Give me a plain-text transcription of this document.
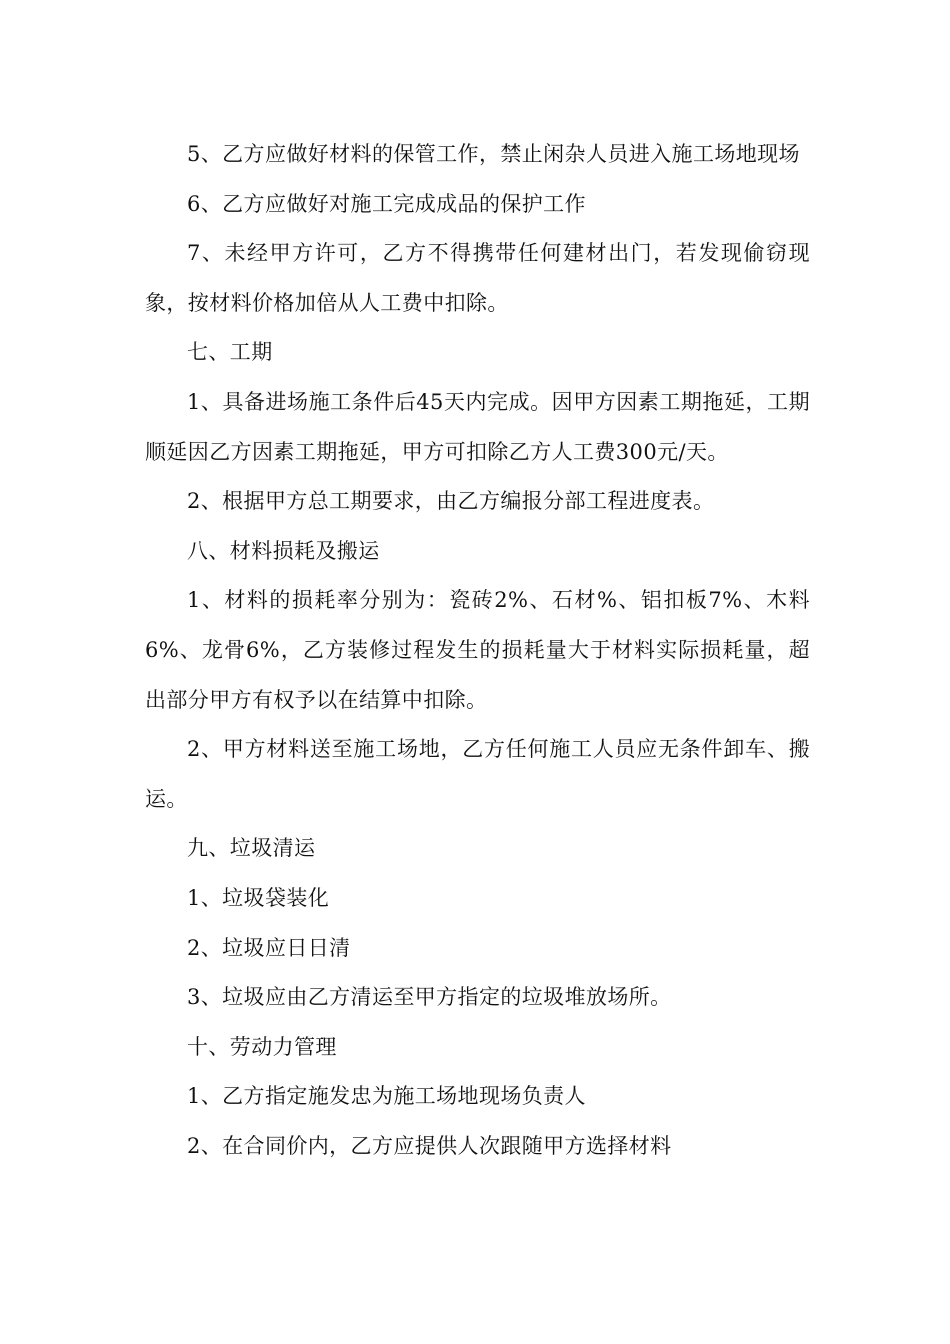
5、乙方应做好材料的保管工作，禁止闲杂人员进入施工场地现场

6、乙方应做好对施工完成成品的保护工作

7、未经甲方许可，乙方不得携带任何建材出门，若发现偷窃现象，按材料价格加倍从人工费中扣除。

七、工期

1、具备进场施工条件后45天内完成。因甲方因素工期拖延，工期顺延因乙方因素工期拖延，甲方可扣除乙方人工费300元/天。

2、根据甲方总工期要求，由乙方编报分部工程进度表。

八、材料损耗及搬运

1、材料的损耗率分别为：瓷砖2%、石材%、铝扣板7%、木料6%、龙骨6%，乙方装修过程发生的损耗量大于材料实际损耗量，超出部分甲方有权予以在结算中扣除。

2、甲方材料送至施工场地，乙方任何施工人员应无条件卸车、搬运。

九、垃圾清运

1、垃圾袋装化

2、垃圾应日日清

3、垃圾应由乙方清运至甲方指定的垃圾堆放场所。

十、劳动力管理

1、乙方指定施发忠为施工场地现场负责人

2、在合同价内，乙方应提供人次跟随甲方选择材料
